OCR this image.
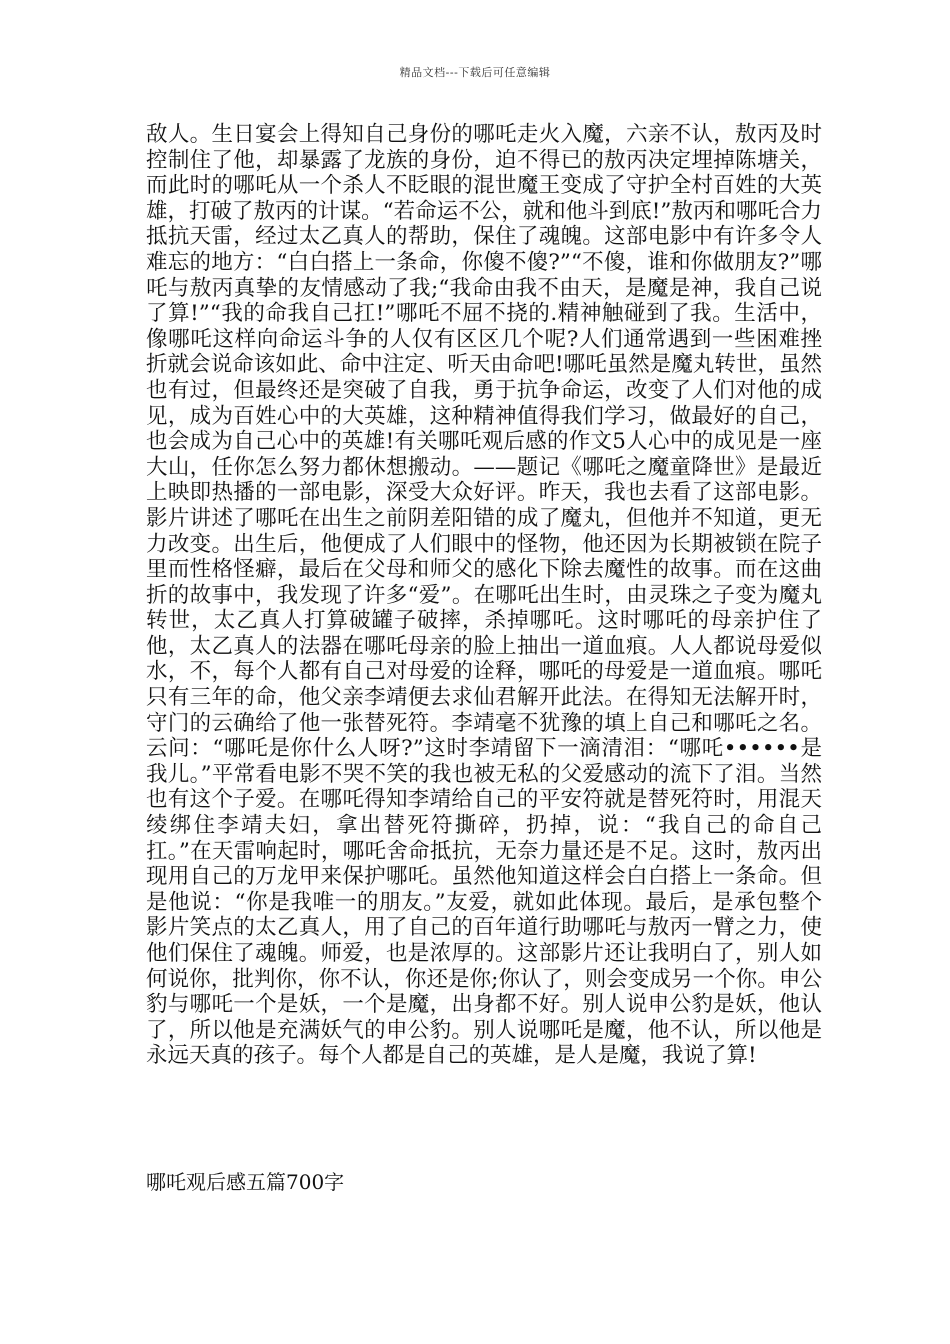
精品文档---下载后可任意编辑

敌人。生日宴会上得知自己身份的哪吒走火入魔，六亲不认，敖丙及时控制住了他，却暴露了龙族的身份，迫不得已的敖丙决定埋掉陈塘关，而此时的哪吒从一个杀人不眨眼的混世魔王变成了守护全村百姓的大英雄，打破了敖丙的计谋。“若命运不公，就和他斗到底!”敖丙和哪吒合力抵抗天雷，经过太乙真人的帮助，保住了魂魄。这部电影中有许多令人难忘的地方：“白白搭上一条命，你傻不傻?”“不傻，谁和你做朋友?”哪吒与敖丙真挚的友情感动了我;“我命由我不由天，是魔是神，我自己说了算!”“我的命我自己扛!”哪吒不屈不挠的.精神触碰到了我。生活中，像哪吒这样向命运斗争的人仅有区区几个呢?人们通常遇到一些困难挫折就会说命该如此、命中注定、听天由命吧!哪吒虽然是魔丸转世，虽然也有过，但最终还是突破了自我，勇于抗争命运，改变了人们对他的成见，成为百姓心中的大英雄，这种精神值得我们学习，做最好的自己，也会成为自己心中的英雄!有关哪吒观后感的作文5人心中的成见是一座大山，任你怎么努力都休想搬动。——题记《哪吒之魔童降世》是最近上映即热播的一部电影，深受大众好评。昨天，我也去看了这部电影。影片讲述了哪吒在出生之前阴差阳错的成了魔丸，但他并不知道，更无力改变。出生后，他便成了人们眼中的怪物，他还因为长期被锁在院子里而性格怪癖，最后在父母和师父的感化下除去魔性的故事。而在这曲折的故事中，我发现了许多“爱”。在哪吒出生时，由灵珠之子变为魔丸转世，太乙真人打算破罐子破摔，杀掉哪吒。这时哪吒的母亲护住了他，太乙真人的法器在哪吒母亲的脸上抽出一道血痕。人人都说母爱似水，不，每个人都有自己对母爱的诠释，哪吒的母爱是一道血痕。哪吒只有三年的命，他父亲李靖便去求仙君解开此法。在得知无法解开时，守门的云确给了他一张替死符。李靖毫不犹豫的填上自己和哪吒之名。云问：“哪吒是你什么人呀?”这时李靖留下一滴清泪：“哪吒••••••是我儿。”平常看电影不哭不笑的我也被无私的父爱感动的流下了泪。当然也有这个子爱。在哪吒得知李靖给自己的平安符就是替死符时，用混天绫绑住李靖夫妇，拿出替死符撕碎，扔掉，说：“我自己的命自己扛。”在天雷响起时，哪吒舍命抵抗，无奈力量还是不足。这时，敖丙出现用自己的万龙甲来保护哪吒。虽然他知道这样会白白搭上一条命。但是他说：“你是我唯一的朋友。”友爱，就如此体现。最后，是承包整个影片笑点的太乙真人，用了自己的百年道行助哪吒与敖丙一臂之力，使他们保住了魂魄。师爱，也是浓厚的。这部影片还让我明白了，别人如何说你，批判你，你不认，你还是你;你认了，则会变成另一个你。申公豹与哪吒一个是妖，一个是魔，出身都不好。别人说申公豹是妖，他认了，所以他是充满妖气的申公豹。别人说哪吒是魔，他不认，所以他是永远天真的孩子。每个人都是自己的英雄，是人是魔，我说了算!

哪吒观后感五篇700字
